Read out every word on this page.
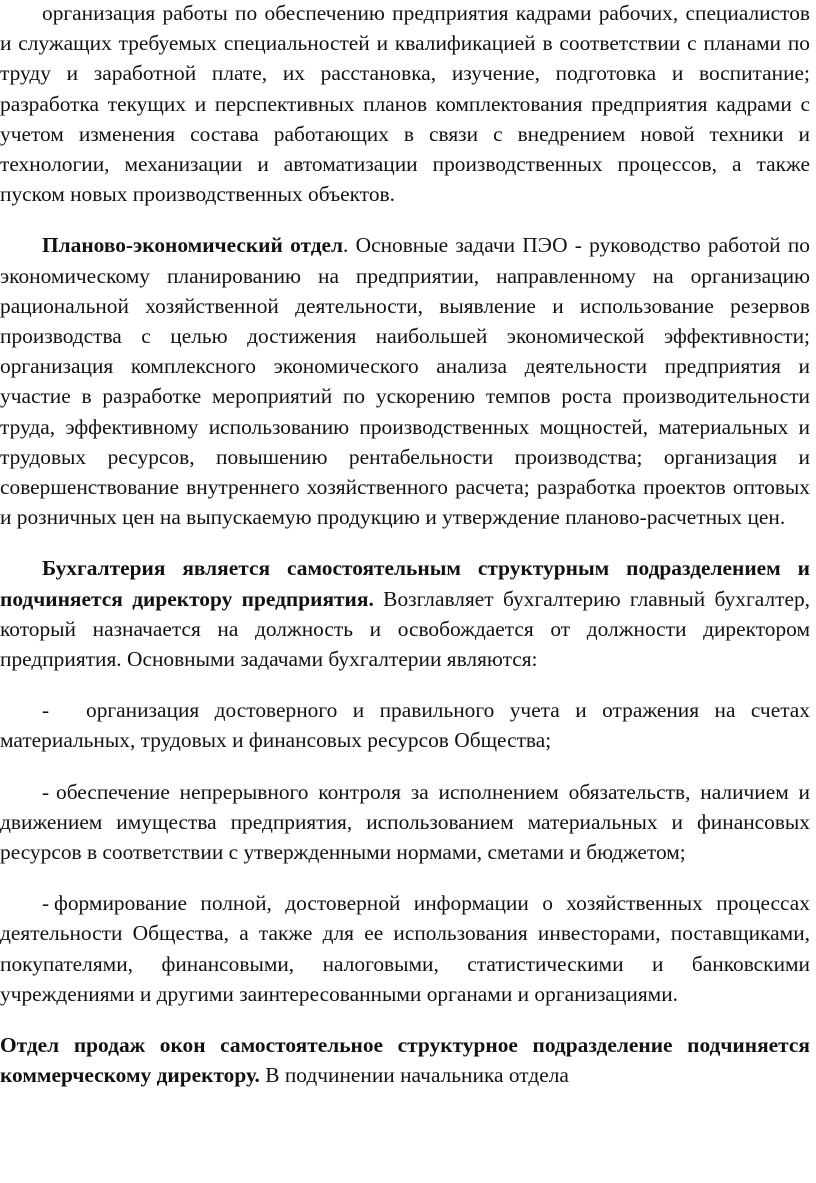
организация работы по обеспечению предприятия кадрами рабочих, специалистов и служащих требуемых специальностей и квалификацией в соответствии с планами по труду и заработной плате, их расстановка, изучение, подготовка и воспитание; разработка текущих и перспективных планов комплектования предприятия кадрами с учетом изменения состава работающих в связи с внедрением новой техники и технологии, механизации и автоматизации производственных процессов, а также пуском новых производственных объектов.

Планово-экономический отдел. Основные задачи ПЭО - руководство работой по экономическому планированию на предприятии, направленному на организацию рациональной хозяйственной деятельности, выявление и использование резервов производства с целью достижения наибольшей экономической эффективности; организация комплексного экономического анализа деятельности предприятия и участие в разработке мероприятий по ускорению темпов роста производительности труда, эффективному использованию производственных мощностей, материальных и трудовых ресурсов, повышению рентабельности производства; организация и совершенствование внутреннего хозяйственного расчета; разработка проектов оптовых и розничных цен на выпускаемую продукцию и утверждение планово-расчетных цен.

Бухгалтерия является самостоятельным структурным подразделением и подчиняется директору предприятия. Возглавляет бухгалтерию главный бухгалтер, который назначается на должность и освобождается от должности директором предприятия. Основными задачами бухгалтерии являются:

- организация достоверного и правильного учета и отражения на счетах материальных, трудовых и финансовых ресурсов Общества;

- обеспечение непрерывного контроля за исполнением обязательств, наличием и движением имущества предприятия, использованием материальных и финансовых ресурсов в соответствии с утвержденными нормами, сметами и бюджетом;

- формирование полной, достоверной информации о хозяйственных процессах деятельности Общества, а также для ее использования инвесторами, поставщиками, покупателями, финансовыми, налоговыми, статистическими и банковскими учреждениями и другими заинтересованными органами и организациями.

Отдел продаж окон самостоятельное структурное подразделение подчиняется коммерческому директору. В подчинении начальника отдела
